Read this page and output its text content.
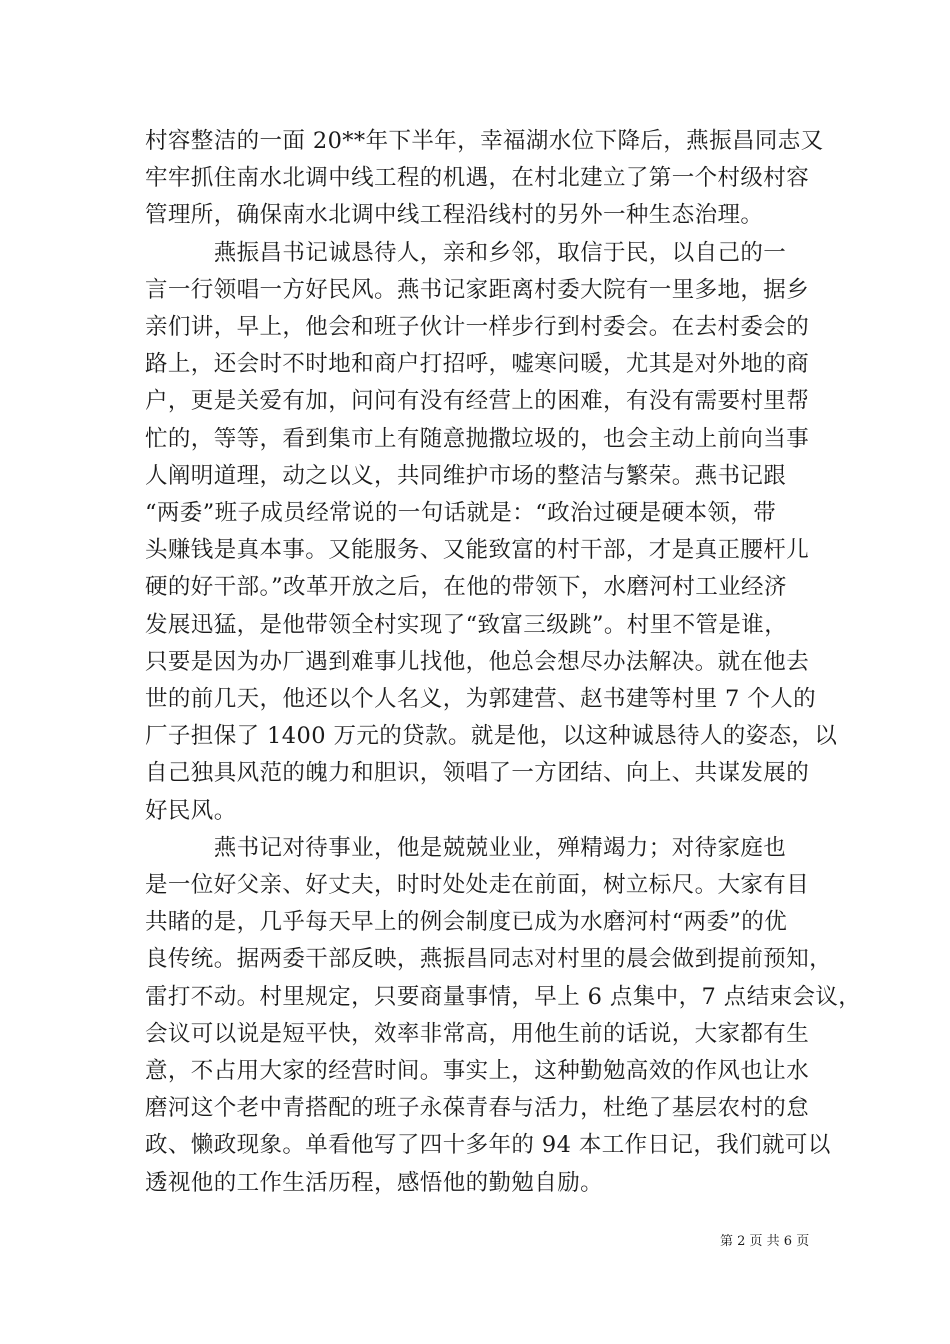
村容整洁的一面 20**年下半年，幸福湖水位下降后，燕振昌同志又
牢牢抓住南水北调中线工程的机遇，在村北建立了第一个村级村容
管理所，确保南水北调中线工程沿线村的另外一种生态治理。
　　　燕振昌书记诚恳待人，亲和乡邻，取信于民，以自己的一
言一行领唱一方好民风。燕书记家距离村委大院有一里多地，据乡
亲们讲，早上，他会和班子伙计一样步行到村委会。在去村委会的
路上，还会时不时地和商户打招呼，嘘寒问暖，尤其是对外地的商
户，更是关爱有加，问问有没有经营上的困难，有没有需要村里帮
忙的，等等，看到集市上有随意抛撒垃圾的，也会主动上前向当事
人阐明道理，动之以义，共同维护市场的整洁与繁荣。燕书记跟
“两委”班子成员经常说的一句话就是：“政治过硬是硬本领，带
头赚钱是真本事。又能服务、又能致富的村干部，才是真正腰杆儿
硬的好干部。”改革开放之后，在他的带领下，水磨河村工业经济
发展迅猛，是他带领全村实现了“致富三级跳”。村里不管是谁，
只要是因为办厂遇到难事儿找他，他总会想尽办法解决。就在他去
世的前几天，他还以个人名义，为郭建营、赵书建等村里 7 个人的
厂子担保了 1400 万元的贷款。就是他，以这种诚恳待人的姿态，以
自己独具风范的魄力和胆识，领唱了一方团结、向上、共谋发展的
好民风。
　　　燕书记对待事业，他是兢兢业业，殚精竭力；对待家庭也
是一位好父亲、好丈夫，时时处处走在前面，树立标尺。大家有目
共睹的是，几乎每天早上的例会制度已成为水磨河村“两委”的优
良传统。据两委干部反映，燕振昌同志对村里的晨会做到提前预知，
雷打不动。村里规定，只要商量事情，早上 6 点集中，7 点结束会议，
会议可以说是短平快，效率非常高，用他生前的话说，大家都有生
意，不占用大家的经营时间。事实上，这种勤勉高效的作风也让水
磨河这个老中青搭配的班子永葆青春与活力，杜绝了基层农村的怠
政、懒政现象。单看他写了四十多年的 94 本工作日记，我们就可以
透视他的工作生活历程，感悟他的勤勉自励。
第 2 页 共 6 页
